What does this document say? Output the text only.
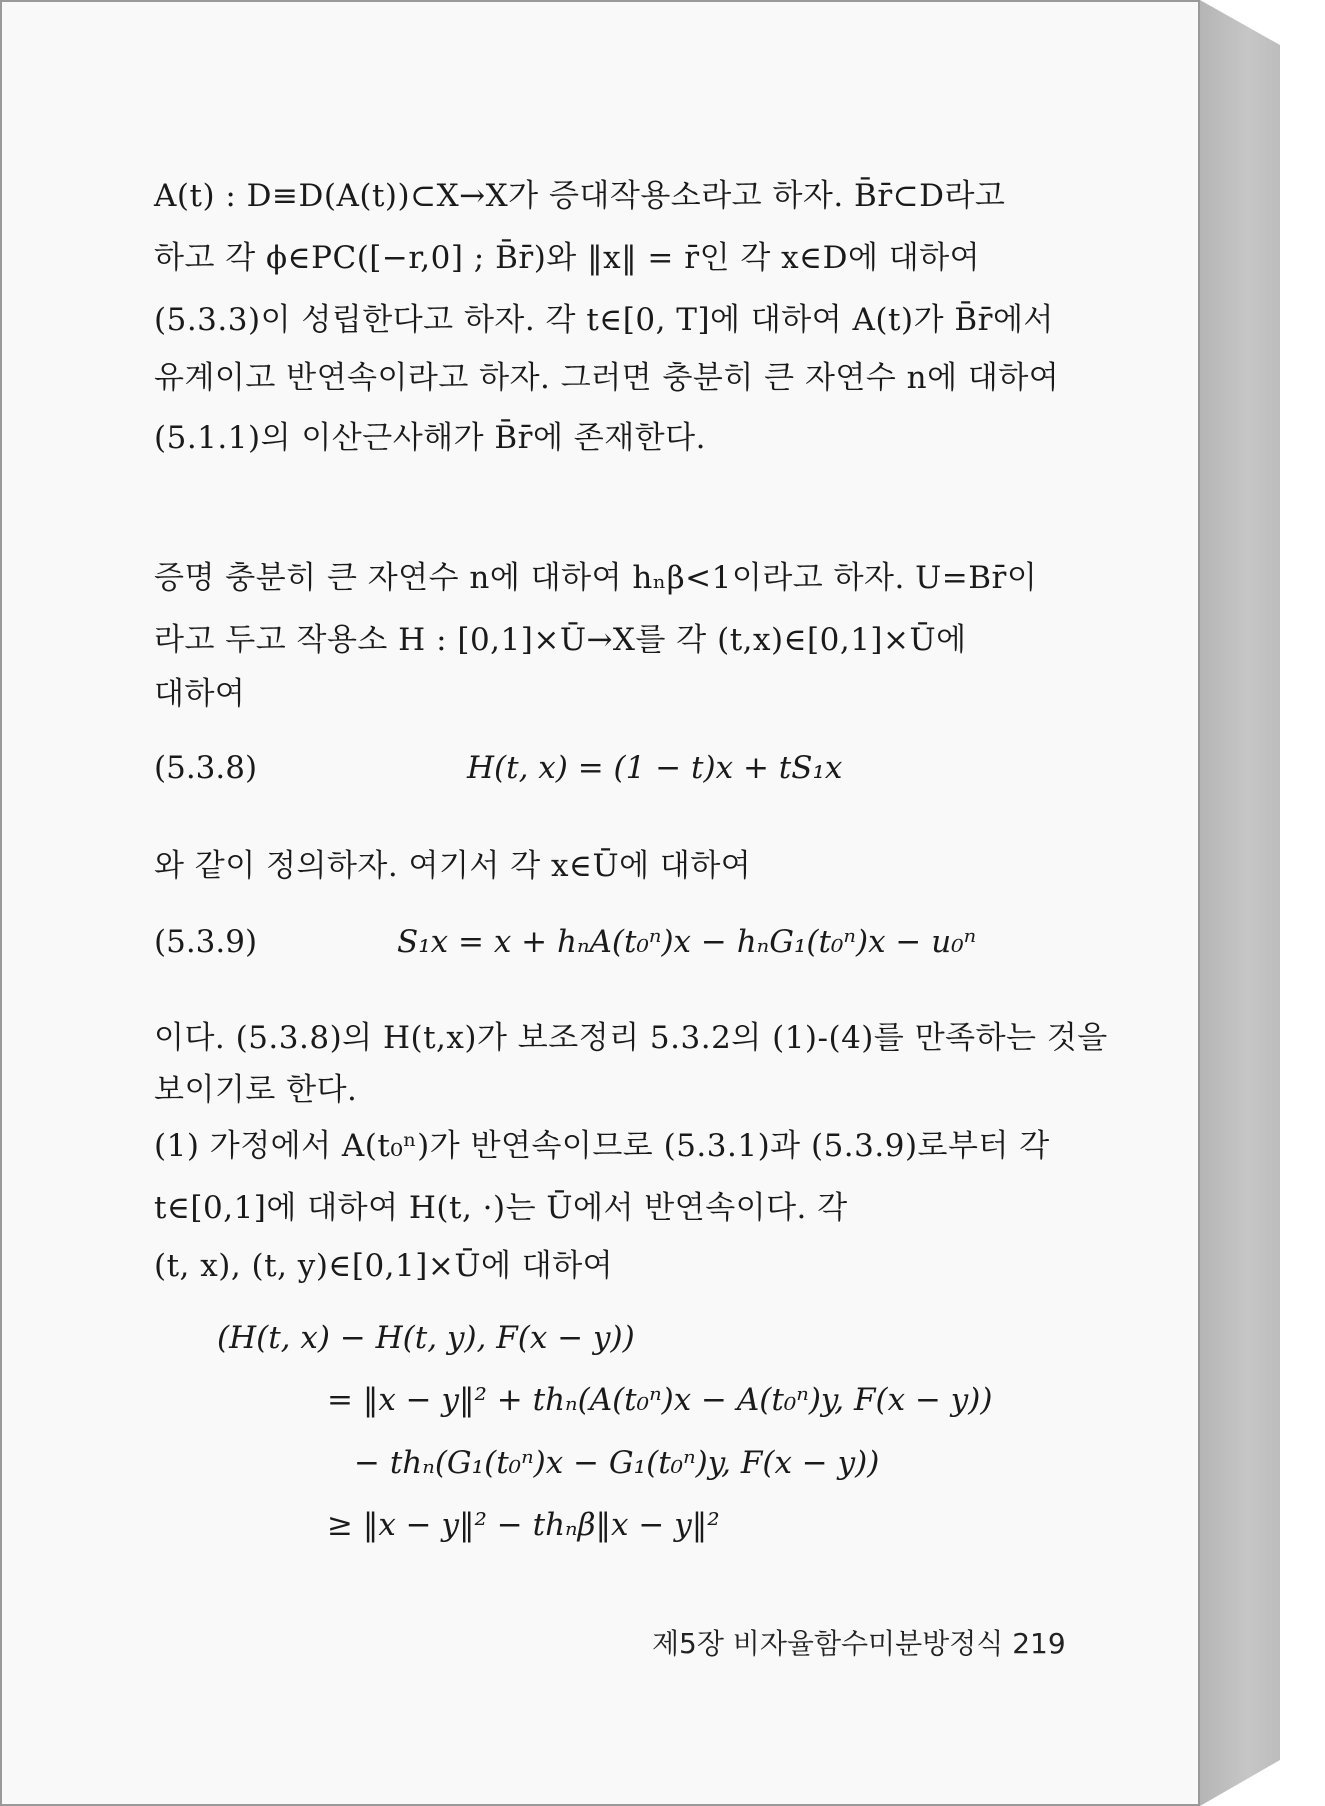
A(t) : D≡D(A(t))⊂X→X가 증대작용소라고 하자. B̄r̄⊂D라고
하고 각 ϕ∈PC([−r,0] ; B̄r̄)와 ‖x‖ = r̄인 각 x∈D에 대하여
(5.3.3)이 성립한다고 하자. 각 t∈[0, T]에 대하여 A(t)가 B̄r̄에서
유계이고 반연속이라고 하자. 그러면 충분히 큰 자연수 n에 대하여
(5.1.1)의 이산근사해가 B̄r̄에 존재한다.
증명 충분히 큰 자연수 n에 대하여 hₙβ<1이라고 하자. U=Br̄이
라고 두고 작용소 H : [0,1]×Ū→X를 각 (t,x)∈[0,1]×Ū에
대하여
(5.3.8)	H(t, x) = (1 − t)x + tS₁x
와 같이 정의하자. 여기서 각 x∈Ū에 대하여
(5.3.9)	S₁x = x + hₙA(t₀ⁿ)x − hₙG₁(t₀ⁿ)x − u₀ⁿ
이다. (5.3.8)의 H(t,x)가 보조정리 5.3.2의 (1)-(4)를 만족하는 것을
보이기로 한다.
(1) 가정에서 A(t₀ⁿ)가 반연속이므로 (5.3.1)과 (5.3.9)로부터 각
t∈[0,1]에 대하여 H(t, ·)는 Ū에서 반연속이다. 각
(t, x), (t, y)∈[0,1]×Ū에 대하여
(H(t, x) − H(t, y), F(x − y))
= ‖x − y‖² + thₙ(A(t₀ⁿ)x − A(t₀ⁿ)y, F(x − y))
− thₙ(G₁(t₀ⁿ)x − G₁(t₀ⁿ)y, F(x − y))
≥ ‖x − y‖² − thₙβ‖x − y‖²
제5장 비자율함수미분방정식 219
